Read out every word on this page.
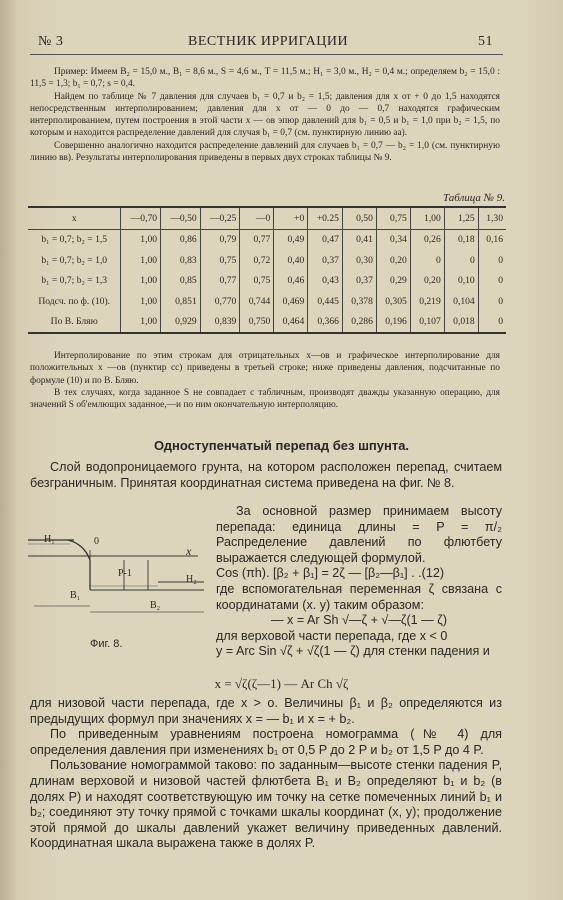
№ 3	ВЕСТНИК ИРРИГАЦИИ	51

Пример: Имеем B₂ = 15,0 м., B₁ = 8,6 м., S = 4,6 м., T = 11,5 м.; H₁ = 3,0 м., H₂ = 0,4 м.; определяем b₂ = 15,0 : 11,5 = 1,3; b₁ = 0,7; s = 0,4.

Найдем по таблице № 7 давления для случаев b₁ = 0,7 и b₂ = 1,5; давления для x от + 0 до 1,5 находятся непосредственным интерполированием; давления для x от — 0 до — 0,7 находятся графическим интерполированием, путем построения в этой части x — ов эпюр давлений для b₁ = 0,5 и b₁ = 1,0 при b₂ = 1,5, по которым и находится распределение давлений для случая b₁ = 0,7 (см. пунктирную линию аа).

Совершенно аналогично находится распределение давлений для случаев b₁ = 0,7 — b₂ = 1,0 (см. пунктирную линию вв). Результаты интерполирования приведены в первых двух строках таблицы № 9.

Таблица № 9.
x	—0,70	—0,50	—0,25	—0	+0	+0.25	0,50	0,75	1,00	1,25	1,30
b₁ = 0,7; b₂ = 1,5	1,00	0,86	0,79	0,77	0,49	0,47	0,41	0,34	0,26	0,18	0,16
b₁ = 0,7; b₂ = 1,0	1,00	0,83	0,75	0,72	0,40	0,37	0,30	0,20	0	0	0
b₁ = 0,7; b₂ = 1,3	1,00	0,85	0,77	0,75	0,46	0,43	0,37	0,29	0,20	0,10	0
Подсч. по ф. (10).	1,00	0,851	0,770	0,744	0,469	0,445	0,378	0,305	0,219	0,104	0
По В. Бляю	1,00	0,929	0,839	0,750	0,464	0,366	0,286	0,196	0,107	0,018	0

Интерполирование по этим строкам для отрицательных x—ов и графическое интерполирование для положительных x —ов (пунктир сс) приведены в третьей строке; ниже приведены давления, подсчитанные по формуле (10) и по В. Бляю.

В тех случаях, когда заданное S не совпадает с табличным, производят дважды указанную операцию, для значений S об'емлющих заданное,—и по ним окончательную интерполяцию.

Одноступенчатый перепад без шпунта.

Слой водопроницаемого грунта, на котором расположен перепад, считаем безграничным. Принятая координатная система приведена на фиг. № 8.

H₁	0
x
P-1
H₂
B₁
B₂
Фиг. 8.

За основной размер принимаем высоту перепада: единица длины = P = π/₂ Распределение давлений по флютбету выражается следующей формулой.

Cos (πh). [β₂ + β₁] = 2ζ — [β₂—β₁] . .(12)

где вспомогательная переменная ζ связана с координатами (x. y) таким образом:

— x = Ar Sh √—ζ + √—ζ(1 — ζ)

для верховой части перепада, где x < 0

y = Arc Sin √ζ + √ζ(1 — ζ) для стенки падения и

x = √ζ(ζ—1) — Ar Ch √ζ

для низовой части перепада, где x > o. Величины β₁ и β₂ определяются из предыдущих формул при значениях x = — b₁ и x = + b₂.

По приведенным уравнениям построена номограмма (№ 4) для определения давления при изменениях b₁ от 0,5 P до 2 P и b₂ от 1,5 P до 4 P.

Пользование номограммой таково: по заданным—высоте стенки падения P, длинам верховой и низовой частей флютбета B₁ и B₂ определяют b₁ и b₂ (в долях P) и находят соответствующую им точку на сетке помеченных линий b₁ и b₂; соединяют эту точку прямой с точками шкалы координат (x, y); продолжение этой прямой до шкалы давлений укажет величину приведенных давлений. Координатная шкала выражена также в долях P.
